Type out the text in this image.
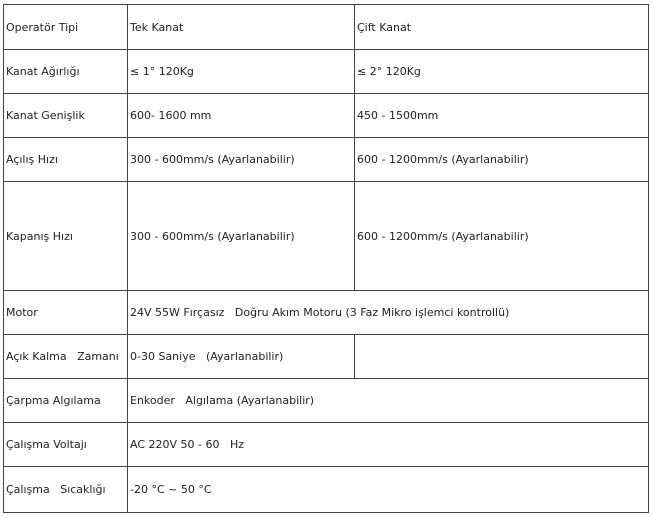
Operatör Tipi	Tek Kanat	Çift Kanat
Kanat Ağırlığı	≤ 1° 120Kg	≤ 2° 120Kg
Kanat Genişlik	600- 1600 mm	450 - 1500mm
Açılış Hızı	300 - 600mm/s (Ayarlanabilir)	600 - 1200mm/s (Ayarlanabilir)
Kapanış Hızı	300 - 600mm/s (Ayarlanabilir)	600 - 1200mm/s (Ayarlanabilir)
Motor	24V 55W Fırçasız   Doğru Akım Motoru (3 Faz Mikro işlemci kontrollü)	
Açık Kalma   Zamanı	0-30 Saniye   (Ayarlanabilir)	
Çarpma Algılama	Enkoder   Algılama (Ayarlanabilir)	
Çalışma Voltajı	AC 220V 50 - 60   Hz	
Çalışma   Sıcaklığı	-20 °C ~ 50 °C	
